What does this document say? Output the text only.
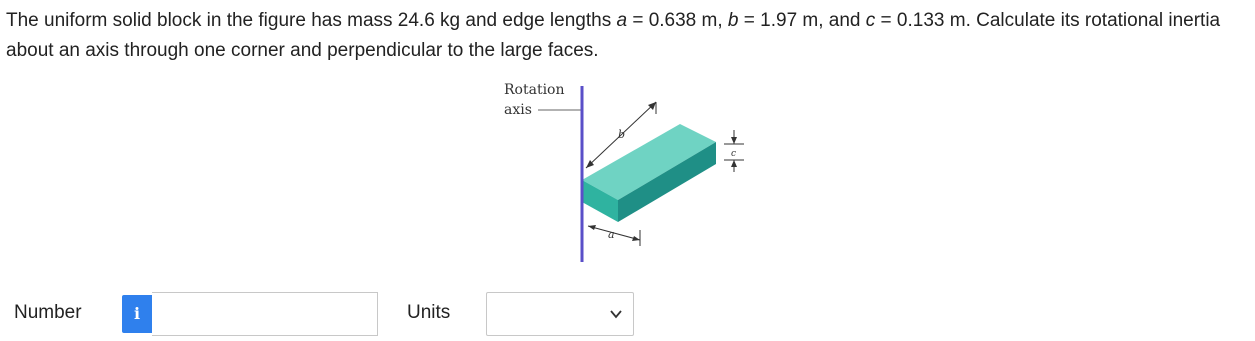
The uniform solid block in the figure has mass 24.6 kg and edge lengths a = 0.638 m, b = 1.97 m, and c = 0.133 m. Calculate its rotational inertia about an axis through one corner and perpendicular to the large faces.

Rotation
axis
b
a
c
Number	i	Units
